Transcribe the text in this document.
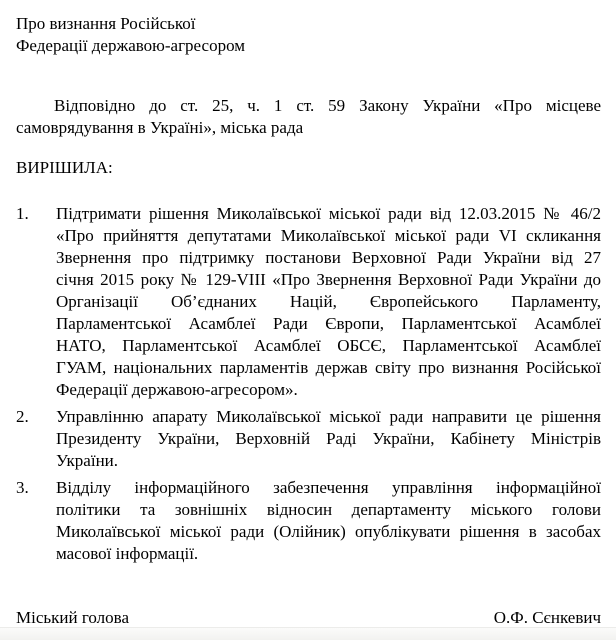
Про визнання Російської
Федерації державою-агресором
Відповідно до ст. 25, ч. 1 ст. 59 Закону України «Про місцеве
самоврядування в Україні», міська рада
ВИРІШИЛА:
1.	Підтримати рішення Миколаївської міської ради від 12.03.2015 № 46/2
«Про прийняття депутатами Миколаївської міської ради VI скликання
Звернення про підтримку постанови Верховної Ради України від 27
січня 2015 року № 129-VIII «Про Звернення Верховної Ради України до
Організації Об’єднаних Націй, Європейського Парламенту,
Парламентської Асамблеї Ради Європи, Парламентської Асамблеї
НАТО, Парламентської Асамблеї ОБСЄ, Парламентської Асамблеї
ГУАМ, національних парламентів держав світу про визнання Російської
Федерації державою-агресором».
2.	Управлінню апарату Миколаївської міської ради направити це рішення
Президенту України, Верховній Раді України, Кабінету Міністрів
України.
3.	Відділу інформаційного забезпечення управління інформаційної
політики та зовнішніх відносин департаменту міського голови
Миколаївської міської ради (Олійник) опублікувати рішення в засобах
масової інформації.
Міський голова	О.Ф. Сєнкевич
